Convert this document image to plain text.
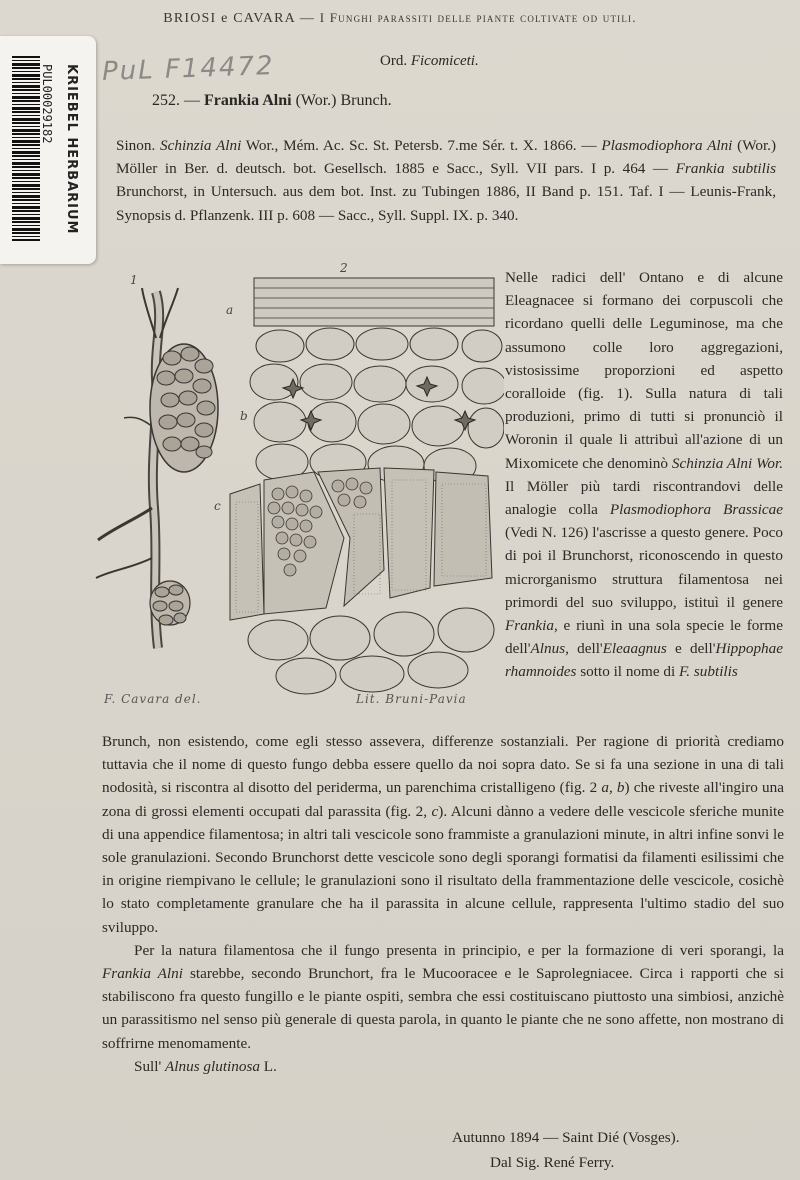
BRIOSI e CAVARA — I Funghi parassiti delle piante coltivate od utili.
PUL00029182 KRIEBEL HERBARIUM PuL F14472	Ord. Ficomiceti.
252. — Frankia Alni (Wor.) Brunch.
Sinon. Schinzia Alni Wor., Mém. Ac. Sc. St. Petersb. 7.me Sér. t. X. 1866. — Plasmodiophora Alni (Wor.) Möller in Ber. d. deutsch. bot. Gesellsch. 1885 e Sacc., Syll. VII pars. I p. 464 — Frankia subtilis Brunchorst, in Untersuch. aus dem bot. Inst. zu Tubingen 1886, II Band p. 151. Taf. I — Leunis-Frank, Synopsis d. Pflanzenk. III p. 608 — Sacc., Syll. Suppl. IX. p. 340.
1
2
a
b
c
F. Cavara del.	Lit. Bruni-Pavia

Nelle radici dell' Ontano e di alcune Eleagnacee si formano dei corpuscoli che ricordano quelli delle Leguminose, ma che assumono colle loro aggregazioni, vistosissime proporzioni ed aspetto coralloide (fig. 1). Sulla natura di tali produzioni, primo di tutti si pronunciò il Woronin il quale li attribuì all'azione di un Mixomicete che denominò Schinzia Alni Wor. Il Möller più tardi riscontrandovi delle analogie colla Plasmodiophora Brassicae (Vedi N. 126) l'ascrisse a questo genere. Poco di poi il Brunchorst, riconoscendo in questo microrganismo struttura filamentosa nei primordi del suo sviluppo, istituì il genere Frankia, e riunì in una sola specie le forme dell'Alnus, dell'Eleaagnus e dell'Hippophae rhamnoides sotto il nome di F. subtilis

Brunch, non esistendo, come egli stesso assevera, differenze sostanziali. Per ragione di priorità crediamo tuttavia che il nome di questo fungo debba essere quello da noi sopra dato. Se si fa una sezione in una di tali nodosità, si riscontra al disotto del periderma, un parenchima cristalligeno (fig. 2 a, b) che riveste all'ingiro una zona di grossi elementi occupati dal parassita (fig. 2, c). Alcuni dànno a vedere delle vescicole sferiche munite di una appendice filamentosa; in altri tali vescicole sono frammiste a granulazioni minute, in altri infine sonvi le sole granulazioni. Secondo Brunchorst dette vescicole sono degli sporangi formatisi da filamenti esilissimi che in origine riempivano le cellule; le granulazioni sono il risultato della frammentazione delle vescicole, cosichè lo stato completamente granulare che ha il parassita in alcune cellule, rappresenta l'ultimo stadio del suo sviluppo.

Per la natura filamentosa che il fungo presenta in principio, e per la formazione di veri sporangi, la Frankia Alni starebbe, secondo Brunchort, fra le Mucooracee e le Saprolegniacee. Circa i rapporti che si stabiliscono fra questo fungillo e le piante ospiti, sembra che essi costituiscano piuttosto una simbiosi, anzichè un parassitismo nel senso più generale di questa parola, in quanto le piante che ne sono affette, non mostrano di soffrirne menomamente.

Sull' Alnus glutinosa L.

Autunno 1894 — Saint Dié (Vosges).
Dal Sig. René Ferry.
